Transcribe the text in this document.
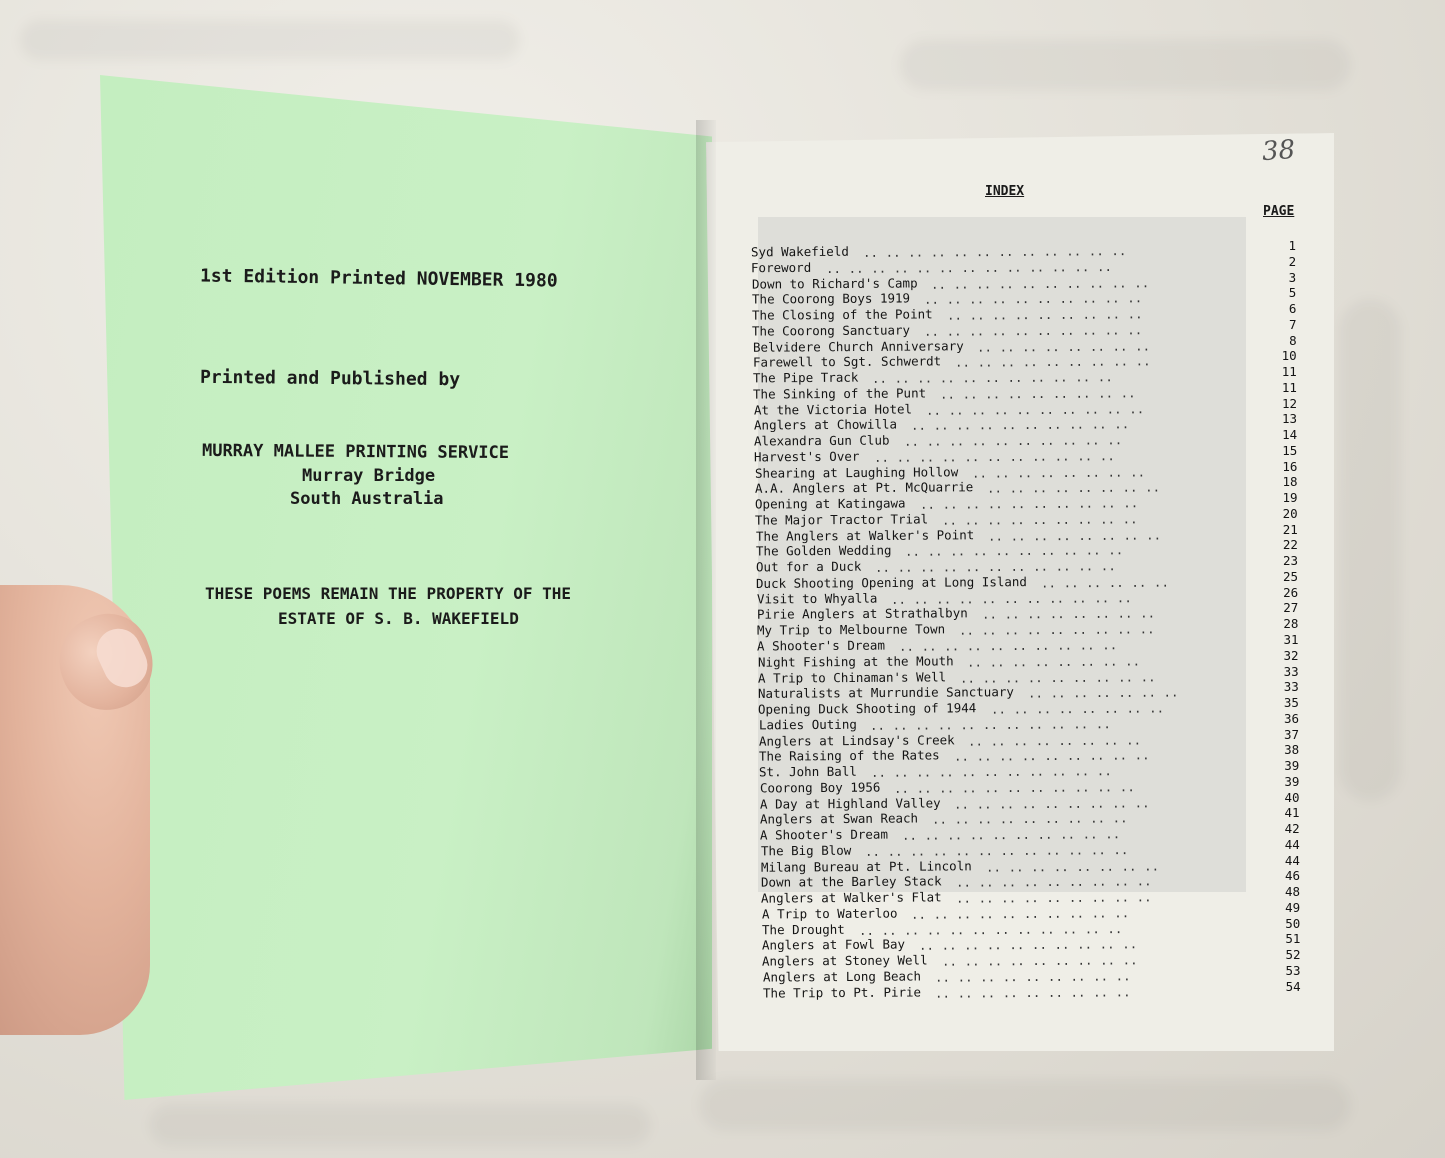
1st Edition Printed NOVEMBER 1980
Printed and Published by
MURRAY MALLEE PRINTING SERVICE
Murray Bridge
South Australia
THESE POEMS REMAIN THE PROPERTY OF THE
ESTATE OF S. B. WAKEFIELD
38
INDEX
PAGE
Syd Wakefield	1
.. .. .. .. .. .. .. .. .. .. .. ..
Foreword	2
.. .. .. .. .. .. .. .. .. .. .. .. ..
Down to Richard's Camp	3
.. .. .. .. .. .. .. .. .. ..
The Coorong Boys 1919	5
.. .. .. .. .. .. .. .. .. ..
The Closing of the Point	6
.. .. .. .. .. .. .. .. ..
The Coorong Sanctuary	7
.. .. .. .. .. .. .. .. .. ..
Belvidere Church Anniversary	8
.. .. .. .. .. .. .. ..
Farewell to Sgt. Schwerdt	10
.. .. .. .. .. .. .. .. ..
The Pipe Track	11
.. .. .. .. .. .. .. .. .. .. ..
The Sinking of the Punt	11
.. .. .. .. .. .. .. .. ..
At the Victoria Hotel	12
.. .. .. .. .. .. .. .. .. ..
Anglers at Chowilla	13
.. .. .. .. .. .. .. .. .. ..
Alexandra Gun Club	14
.. .. .. .. .. .. .. .. .. ..
Harvest's Over	15
.. .. .. .. .. .. .. .. .. .. ..
Shearing at Laughing Hollow	16
.. .. .. .. .. .. .. ..
A.A. Anglers at Pt. McQuarrie	18
.. .. .. .. .. .. .. ..
Opening at Katingawa	19
.. .. .. .. .. .. .. .. .. ..
The Major Tractor Trial	20
.. .. .. .. .. .. .. .. ..
The Anglers at Walker's Point	21
.. .. .. .. .. .. .. ..
The Golden Wedding	22
.. .. .. .. .. .. .. .. .. ..
Out for a Duck	23
.. .. .. .. .. .. .. .. .. .. ..
Duck Shooting Opening at Long Island	25
.. .. .. .. .. ..
Visit to Whyalla	26
.. .. .. .. .. .. .. .. .. .. ..
Pirie Anglers at Strathalbyn	27
.. .. .. .. .. .. .. ..
My Trip to Melbourne Town	28
.. .. .. .. .. .. .. .. ..
A Shooter's Dream	31
.. .. .. .. .. .. .. .. .. ..
Night Fishing at the Mouth	32
.. .. .. .. .. .. .. ..
A Trip to Chinaman's Well	33
.. .. .. .. .. .. .. .. ..
Naturalists at Murrundie Sanctuary	33
.. .. .. .. .. .. ..
Opening Duck Shooting of 1944	35
.. .. .. .. .. .. .. ..
Ladies Outing	36
.. .. .. .. .. .. .. .. .. .. ..
Anglers at Lindsay's Creek	37
.. .. .. .. .. .. .. ..
The Raising of the Rates	38
.. .. .. .. .. .. .. .. ..
St. John Ball	39
.. .. .. .. .. .. .. .. .. .. ..
Coorong Boy 1956	39
.. .. .. .. .. .. .. .. .. .. ..
A Day at Highland Valley	40
.. .. .. .. .. .. .. .. ..
Anglers at Swan Reach	41
.. .. .. .. .. .. .. .. ..
A Shooter's Dream	42
.. .. .. .. .. .. .. .. .. ..
The Big Blow	44
.. .. .. .. .. .. .. .. .. .. .. ..
Milang Bureau at Pt. Lincoln	44
.. .. .. .. .. .. .. ..
Down at the Barley Stack	46
.. .. .. .. .. .. .. .. ..
Anglers at Walker's Flat	48
.. .. .. .. .. .. .. .. ..
A Trip to Waterloo	49
.. .. .. .. .. .. .. .. .. ..
The Drought	50
.. .. .. .. .. .. .. .. .. .. .. ..
Anglers at Fowl Bay	51
.. .. .. .. .. .. .. .. .. ..
Anglers at Stoney Well	52
.. .. .. .. .. .. .. .. ..
Anglers at Long Beach	53
.. .. .. .. .. .. .. .. ..
The Trip to Pt. Pirie	54
.. .. .. .. .. .. .. .. ..
